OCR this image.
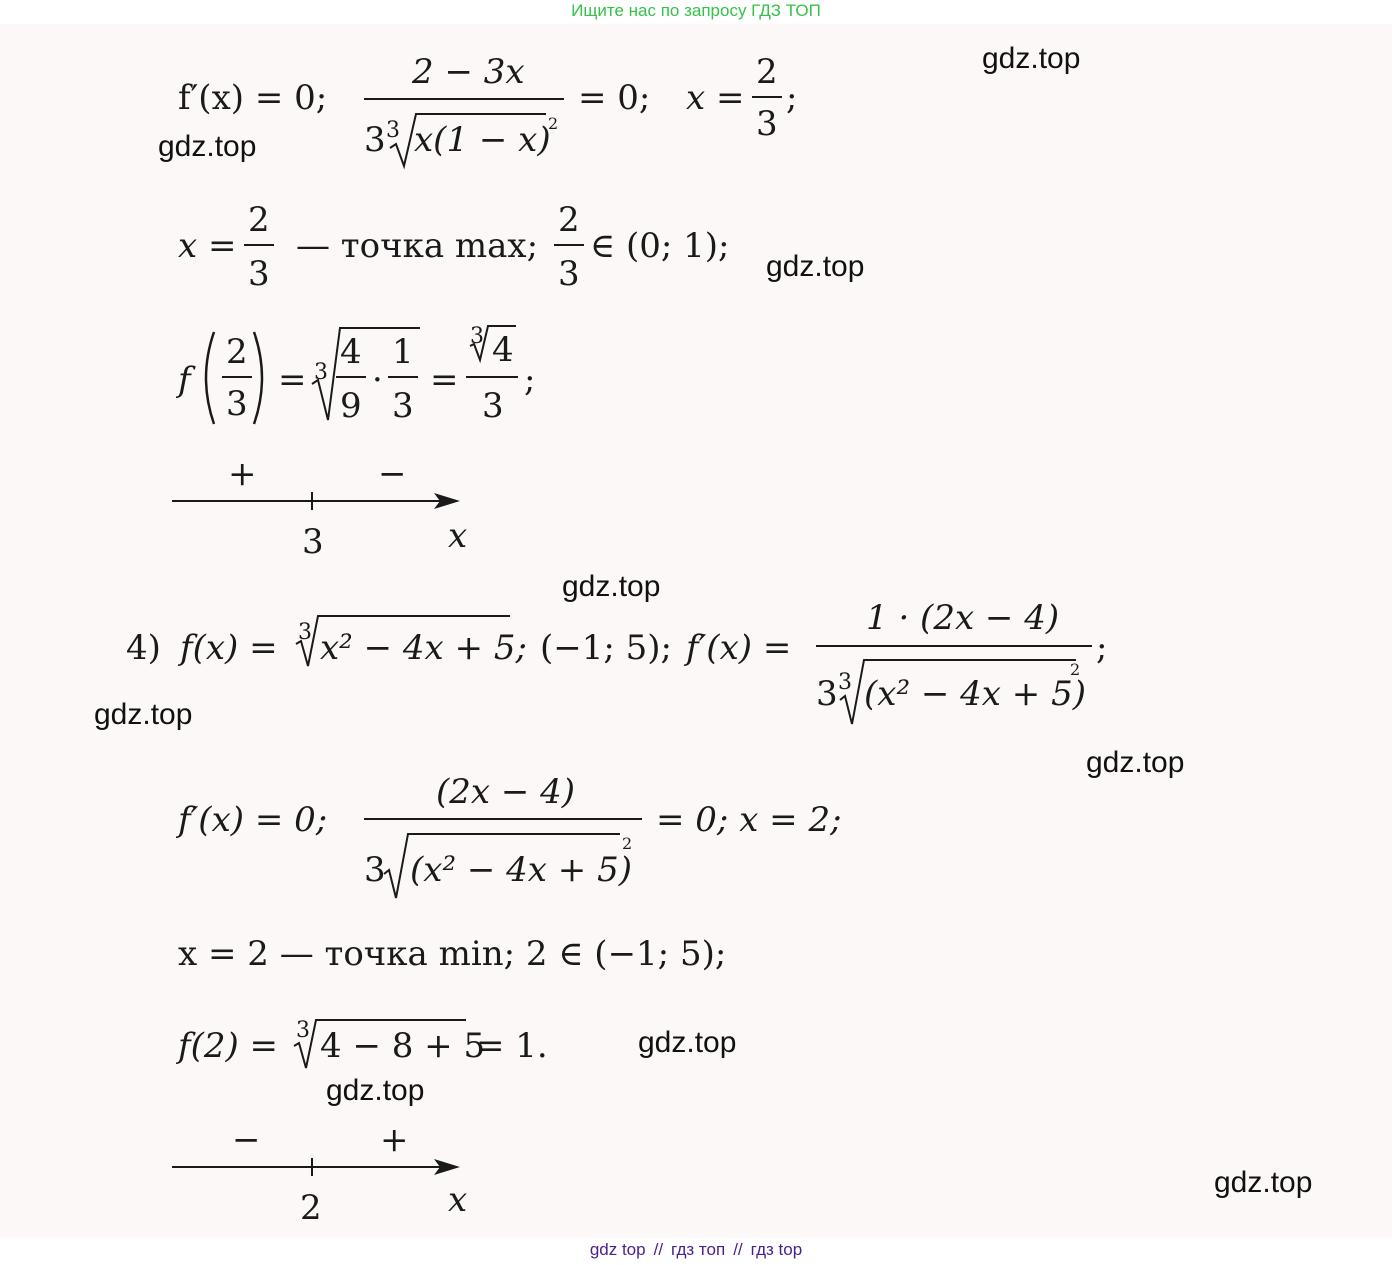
Ищите нас по запросу ГДЗ ТОП
gdz.top
gdz.top
gdz.top
gdz.top
gdz.top
gdz.top
gdz.top
gdz.top
gdz.top
f′(x) = 0;
2 − 3x
3 3 x(1 − x)
2
= 0; x =
2
3
;
x =
2
3
— точка max;
2
3
∈ (0; 1);
f
2
3
= 3
4
9
·
1
3
=
3 4
3
;
+	−
3	x
4) f(x) = 3 x² − 4x + 5; (−1; 5); f′(x) =
1 · (2x − 4)
3 3 (x² − 4x + 5)
2
;
f′(x) = 0;
(2x − 4)
3 (x² − 4x + 5)
2
= 0; x = 2;
x = 2 — точка min; 2 ∈ (−1; 5);
f(2) = 3 4 − 8 + 5
= 1.
−	+
2	x
gdz top // гдз топ // гдз top
